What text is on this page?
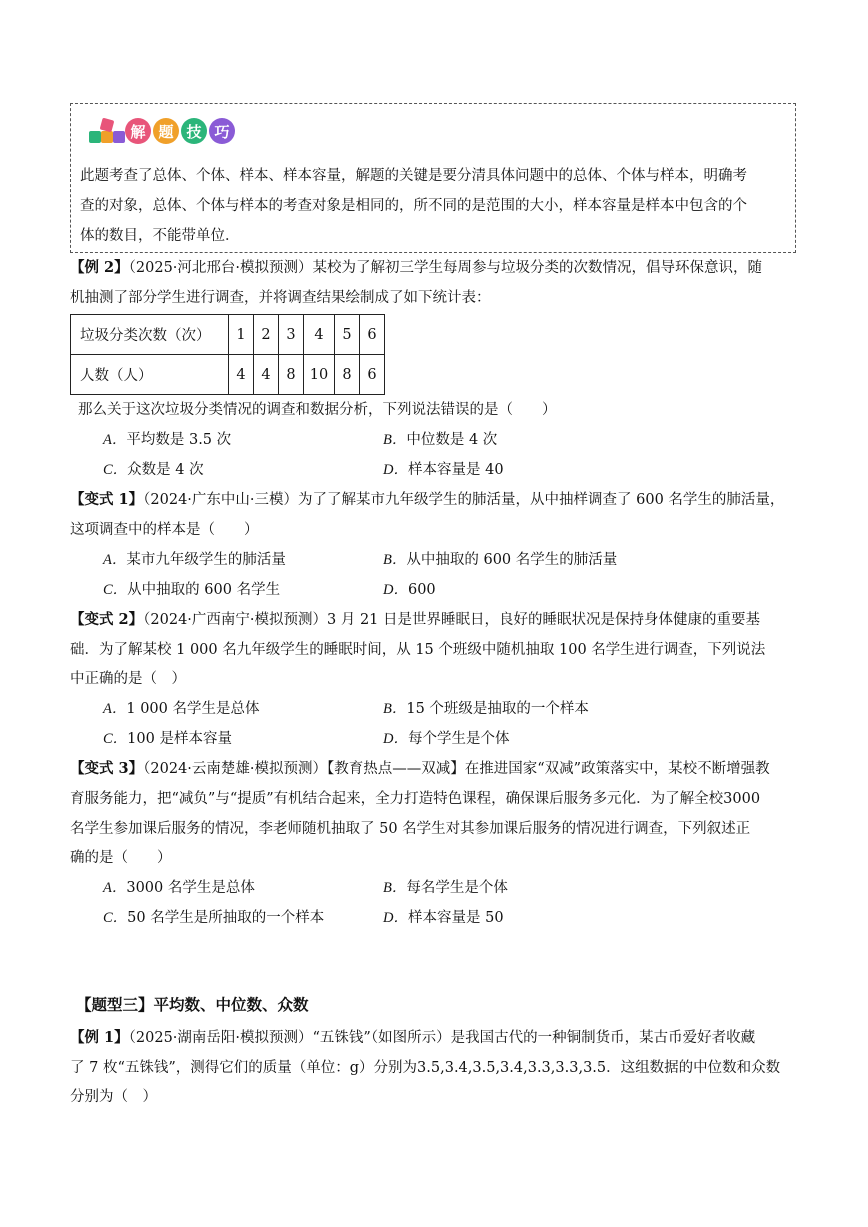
解 题 技 巧
此题考查了总体、个体、样本、样本容量，解题的关键是要分清具体问题中的总体、个体与样本，明确考
查的对象，总体、个体与样本的考查对象是相同的，所不同的是范围的大小，样本容量是样本中包含的个
体的数目，不能带单位．
【例 2】（2025·河北邢台·模拟预测）某校为了解初三学生每周参与垃圾分类的次数情况，倡导环保意识，随
机抽测了部分学生进行调查，并将调查结果绘制成了如下统计表：
垃圾分类次数（次）	1	2	3	4	5	6
人数（人）	4	4	8	10	8	6
那么关于这次垃圾分类情况的调查和数据分析，下列说法错误的是（　　）
A．平均数是 3.5 次	B．中位数是 4 次
C．众数是 4 次	D．样本容量是 40
【变式 1】（2024·广东中山·三模）为了了解某市九年级学生的肺活量，从中抽样调查了 600 名学生的肺活量，
这项调查中的样本是（　　）
A．某市九年级学生的肺活量	B．从中抽取的 600 名学生的肺活量
C．从中抽取的 600 名学生	D．600
【变式 2】（2024·广西南宁·模拟预测）3 月 21 日是世界睡眠日，良好的睡眠状况是保持身体健康的重要基
础．为了解某校 1 000 名九年级学生的睡眠时间，从 15 个班级中随机抽取 100 名学生进行调查，下列说法
中正确的是（　）
A．1 000 名学生是总体	B．15 个班级是抽取的一个样本
C．100 是样本容量	D．每个学生是个体
【变式 3】（2024·云南楚雄·模拟预测）【教育热点——双减】在推进国家“双减”政策落实中，某校不断增强教
育服务能力，把“减负”与“提质”有机结合起来，全力打造特色课程，确保课后服务多元化．为了解全校3000
名学生参加课后服务的情况，李老师随机抽取了 50 名学生对其参加课后服务的情况进行调查，下列叙述正
确的是（　　）
A．3000 名学生是总体	B．每名学生是个体
C．50 名学生是所抽取的一个样本	D．样本容量是 50
【题型三】平均数、中位数、众数
【例 1】（2025·湖南岳阳·模拟预测）“五铢钱”（如图所示）是我国古代的一种铜制货币，某古币爱好者收藏
了 7 枚“五铢钱”，测得它们的质量（单位：g）分别为3.5,3.4,3.5,3.4,3.3,3.3,3.5．这组数据的中位数和众数
分别为（　）
